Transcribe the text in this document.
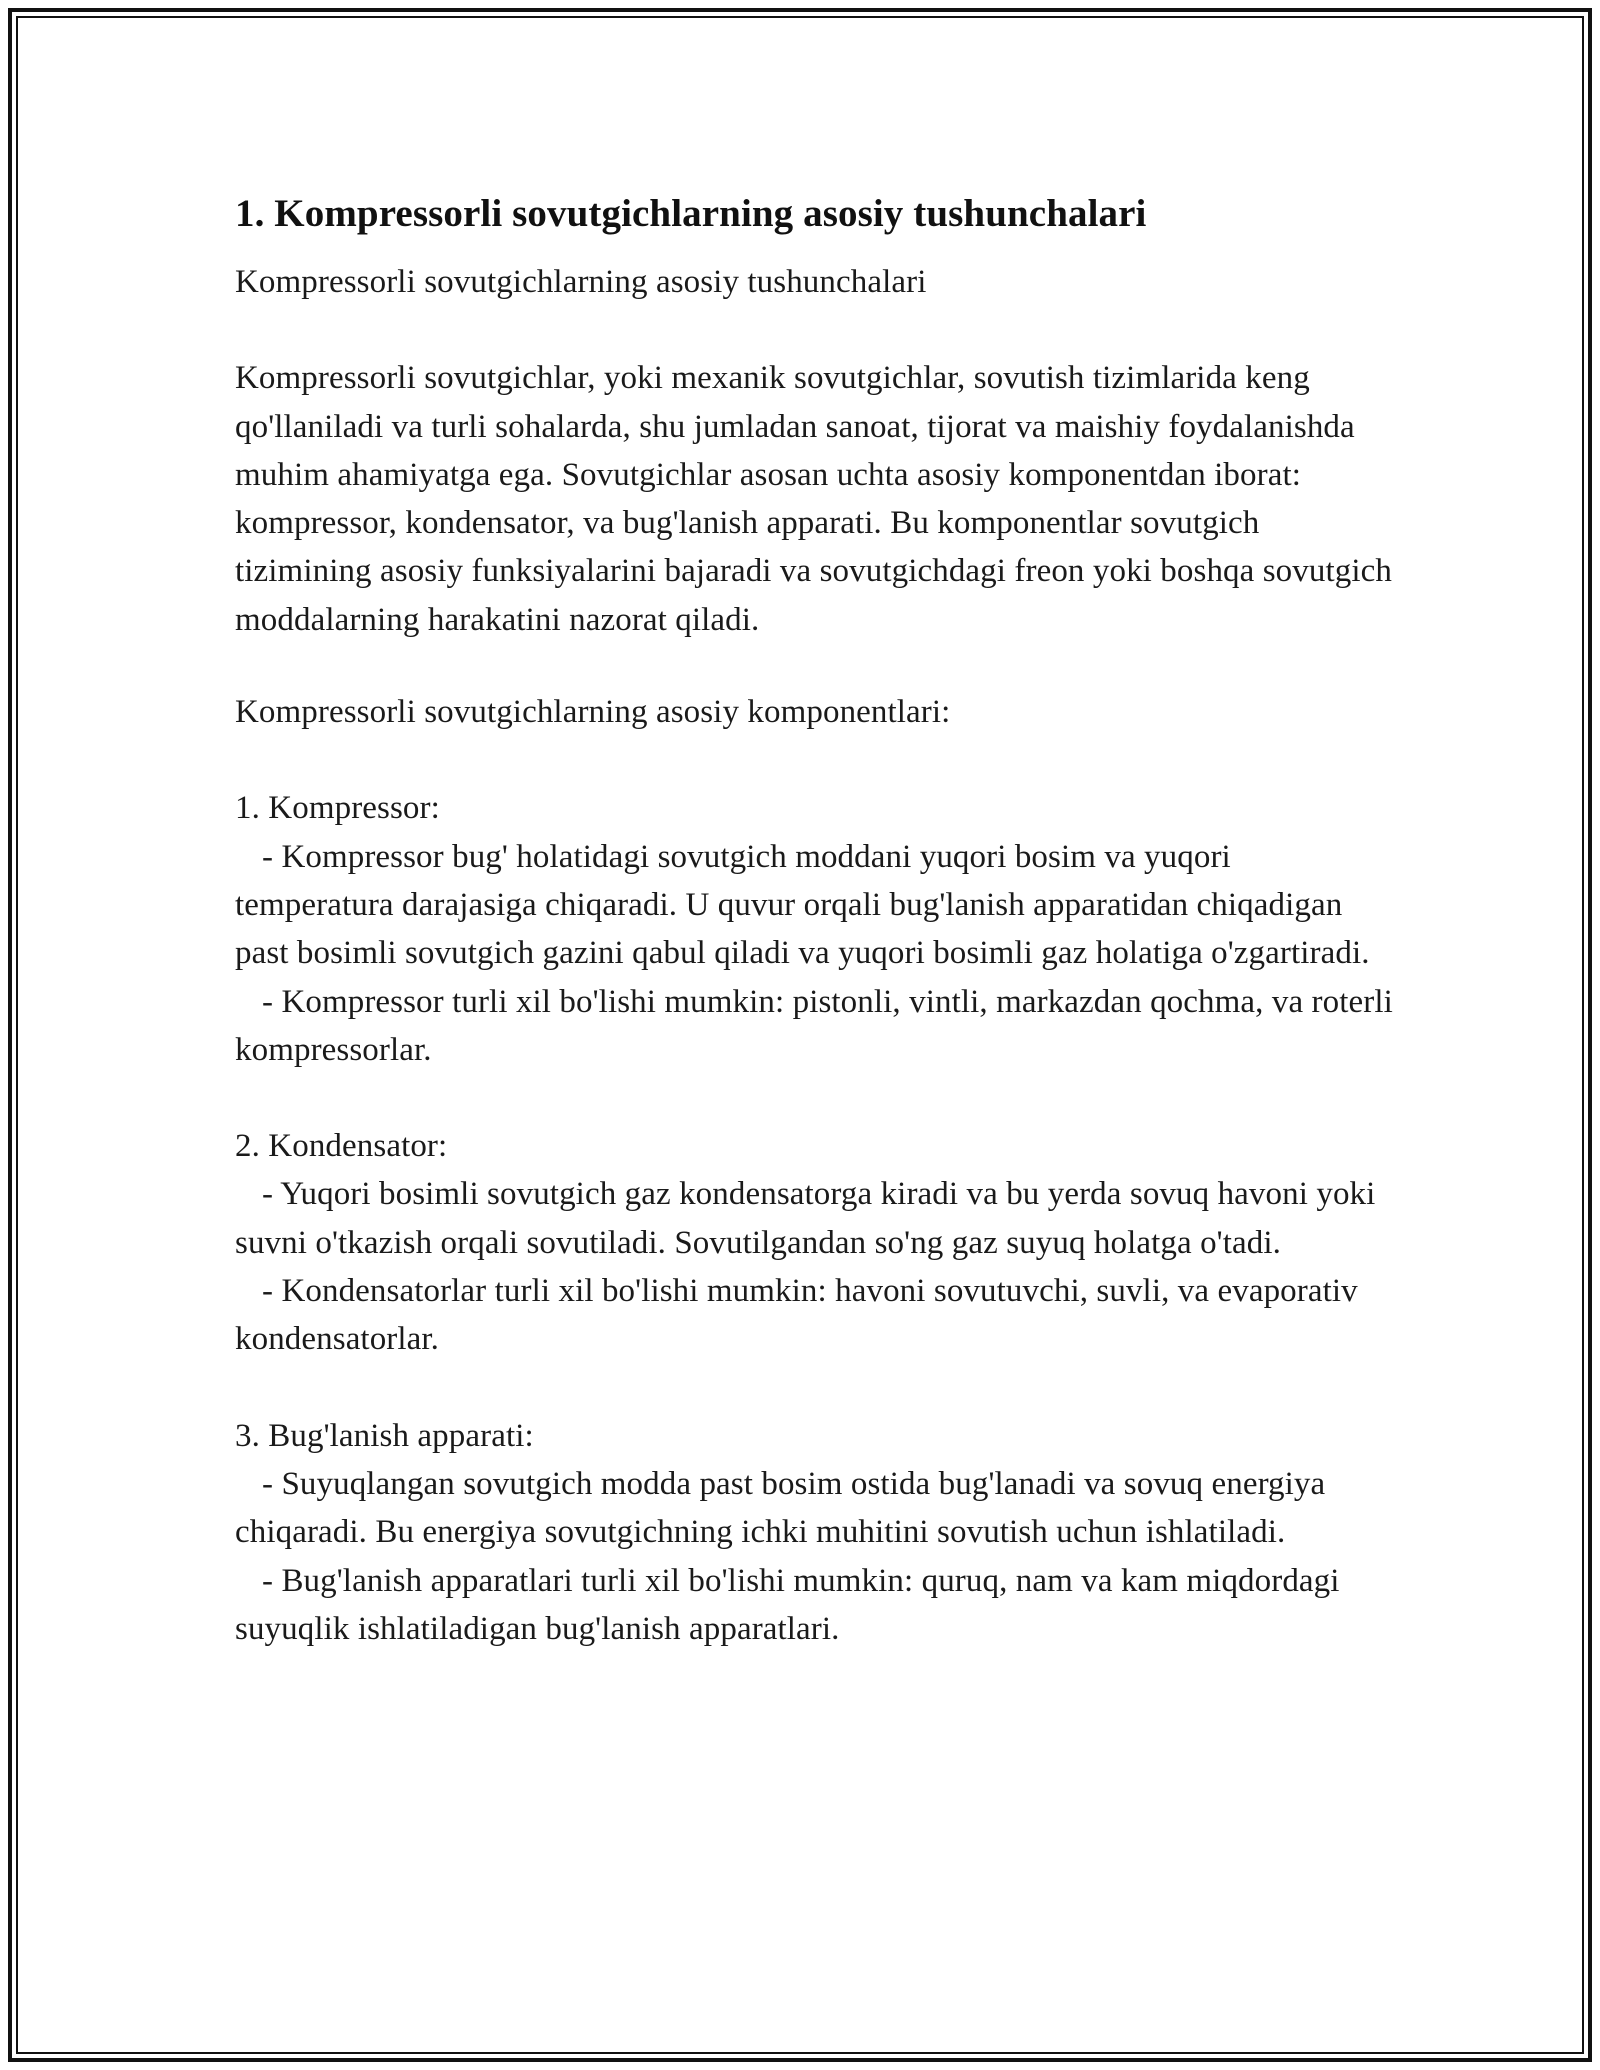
1. Kompressorli sovutgichlarning asosiy tushunchalari

Kompressorli sovutgichlarning asosiy tushunchalari

Kompressorli sovutgichlar, yoki mexanik sovutgichlar, sovutish tizimlarida keng qo'llaniladi va turli sohalarda, shu jumladan sanoat, tijorat va maishiy foydalanishda muhim ahamiyatga ega. Sovutgichlar asosan uchta asosiy komponentdan iborat: kompressor, kondensator, va bug'lanish apparati. Bu komponentlar sovutgich tizimining asosiy funksiyalarini bajaradi va sovutgichdagi freon yoki boshqa sovutgich moddalarning harakatini nazorat qiladi.

Kompressorli sovutgichlarning asosiy komponentlari:

1. Kompressor:

- Kompressor bug' holatidagi sovutgich moddani yuqori bosim va yuqori temperatura darajasiga chiqaradi. U quvur orqali bug'lanish apparatidan chiqadigan past bosimli sovutgich gazini qabul qiladi va yuqori bosimli gaz holatiga o'zgartiradi.

- Kompressor turli xil bo'lishi mumkin: pistonli, vintli, markazdan qochma, va roterli kompressorlar.

2. Kondensator:

- Yuqori bosimli sovutgich gaz kondensatorga kiradi va bu yerda sovuq havoni yoki suvni o'tkazish orqali sovutiladi. Sovutilgandan so'ng gaz suyuq holatga o'tadi.

- Kondensatorlar turli xil bo'lishi mumkin: havoni sovutuvchi, suvli, va evaporativ kondensatorlar.

3. Bug'lanish apparati:

- Suyuqlangan sovutgich modda past bosim ostida bug'lanadi va sovuq energiya chiqaradi. Bu energiya sovutgichning ichki muhitini sovutish uchun ishlatiladi.

- Bug'lanish apparatlari turli xil bo'lishi mumkin: quruq, nam va kam miqdordagi suyuqlik ishlatiladigan bug'lanish apparatlari.
